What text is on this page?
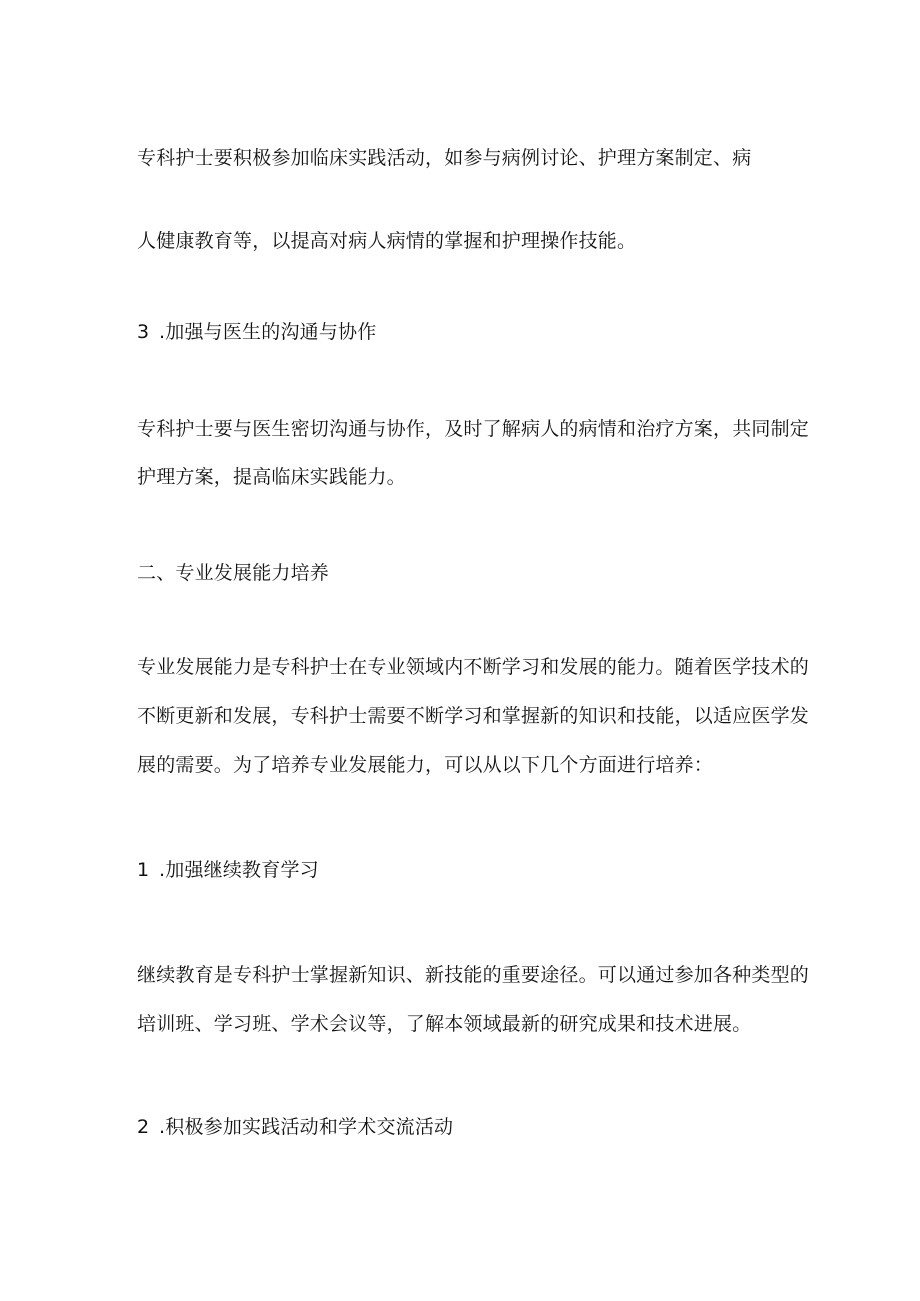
专科护士要积极参加临床实践活动，如参与病例讨论、护理方案制定、病
人健康教育等，以提高对病人病情的掌握和护理操作技能。
3 .加强与医生的沟通与协作
专科护士要与医生密切沟通与协作，及时了解病人的病情和治疗方案，共同制定
护理方案，提高临床实践能力。
二、专业发展能力培养
专业发展能力是专科护士在专业领域内不断学习和发展的能力。随着医学技术的
不断更新和发展，专科护士需要不断学习和掌握新的知识和技能，以适应医学发
展的需要。为了培养专业发展能力，可以从以下几个方面进行培养：
1 .加强继续教育学习
继续教育是专科护士掌握新知识、新技能的重要途径。可以通过参加各种类型的
培训班、学习班、学术会议等，了解本领域最新的研究成果和技术进展。
2 .积极参加实践活动和学术交流活动
